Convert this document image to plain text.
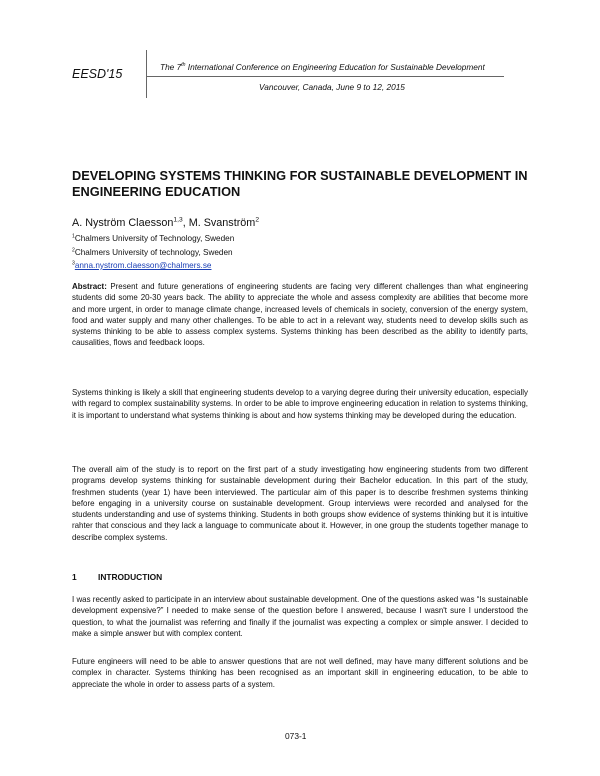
EESD'15	The 7th International Conference on Engineering Education for Sustainable Development
Vancouver, Canada, June 9 to 12, 2015
DEVELOPING SYSTEMS THINKING FOR SUSTAINABLE DEVELOPMENT IN ENGINEERING EDUCATION
A. Nyström Claesson$^{1,3}$, M. Svanström$^2$
$^1$Chalmers University of Technology, Sweden
$^2$Chalmers University of technology, Sweden
$^3$anna.nystrom.claesson@chalmers.se
Abstract: Present and future generations of engineering students are facing very different challenges than what engineering students did some 20-30 years back. The ability to appreciate the whole and assess complexity are abilities that become more and more urgent, in order to manage climate change, increased levels of chemicals in society, conversion of the energy system, food and water supply and many other challenges. To be able to act in a relevant way, students need to develop skills such as systems thinking to be able to assess complex systems. Systems thinking has been described as the ability to identify parts, causalities, flows and feedback loops.
Systems thinking is likely a skill that engineering students develop to a varying degree during their university education, especially with regard to complex sustainability systems. In order to be able to improve engineering education in relation to systems thinking, it is important to understand what systems thinking is about and how systems thinking may be developed during the education.
The overall aim of the study is to report on the first part of a study investigating how engineering students from two different programs develop systems thinking for sustainable development during their Bachelor education. In this part of the study, freshmen students (year 1) have been interviewed. The particular aim of this paper is to describe freshmen systems thinking before engaging in a university course on sustainable development. Group interviews were recorded and analysed for the students understanding and use of systems thinking. Students in both groups show evidence of systems thinking but it is intuitive rahter that conscious and they lack a language to communicate about it. However, in one group the students together manage to describe complex systems.
1	INTRODUCTION
I was recently asked to participate in an interview about sustainable development. One of the questions asked was “Is sustainable development expensive?” I needed to make sense of the question before I answered, because I wasn't sure I understood the question, to what the journalist was referring and finally if the journalist was expecting a complex or simple answer. I decided to make a simple answer but with complex content.
Future engineers will need to be able to answer questions that are not well defined, may have many different solutions and be complex in character. Systems thinking has been recognised as an important skill in engineering education, to be able to appreciate the whole in order to assess parts of a system.
073-1
